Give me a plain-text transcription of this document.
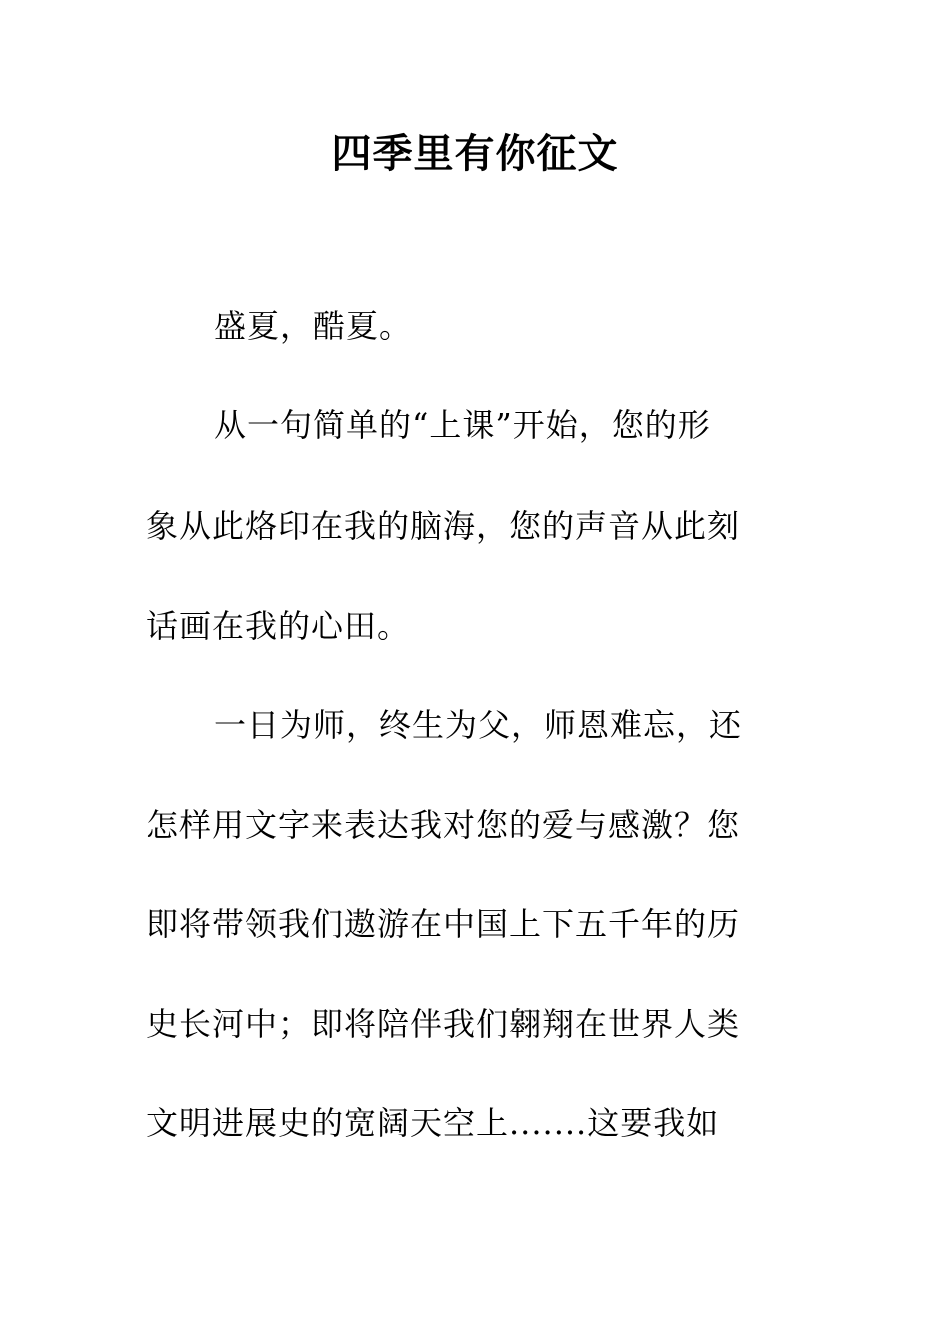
四季里有你征文
盛夏，酷夏。
从一句简单的“上课”开始，您的形
象从此烙印在我的脑海，您的声音从此刻
话画在我的心田。
一日为师，终生为父，师恩难忘，还
怎样用文字来表达我对您的爱与感激？您
即将带领我们遨游在中国上下五千年的历
史长河中；即将陪伴我们翱翔在世界人类
文明进展史的宽阔天空上.......这要我如
